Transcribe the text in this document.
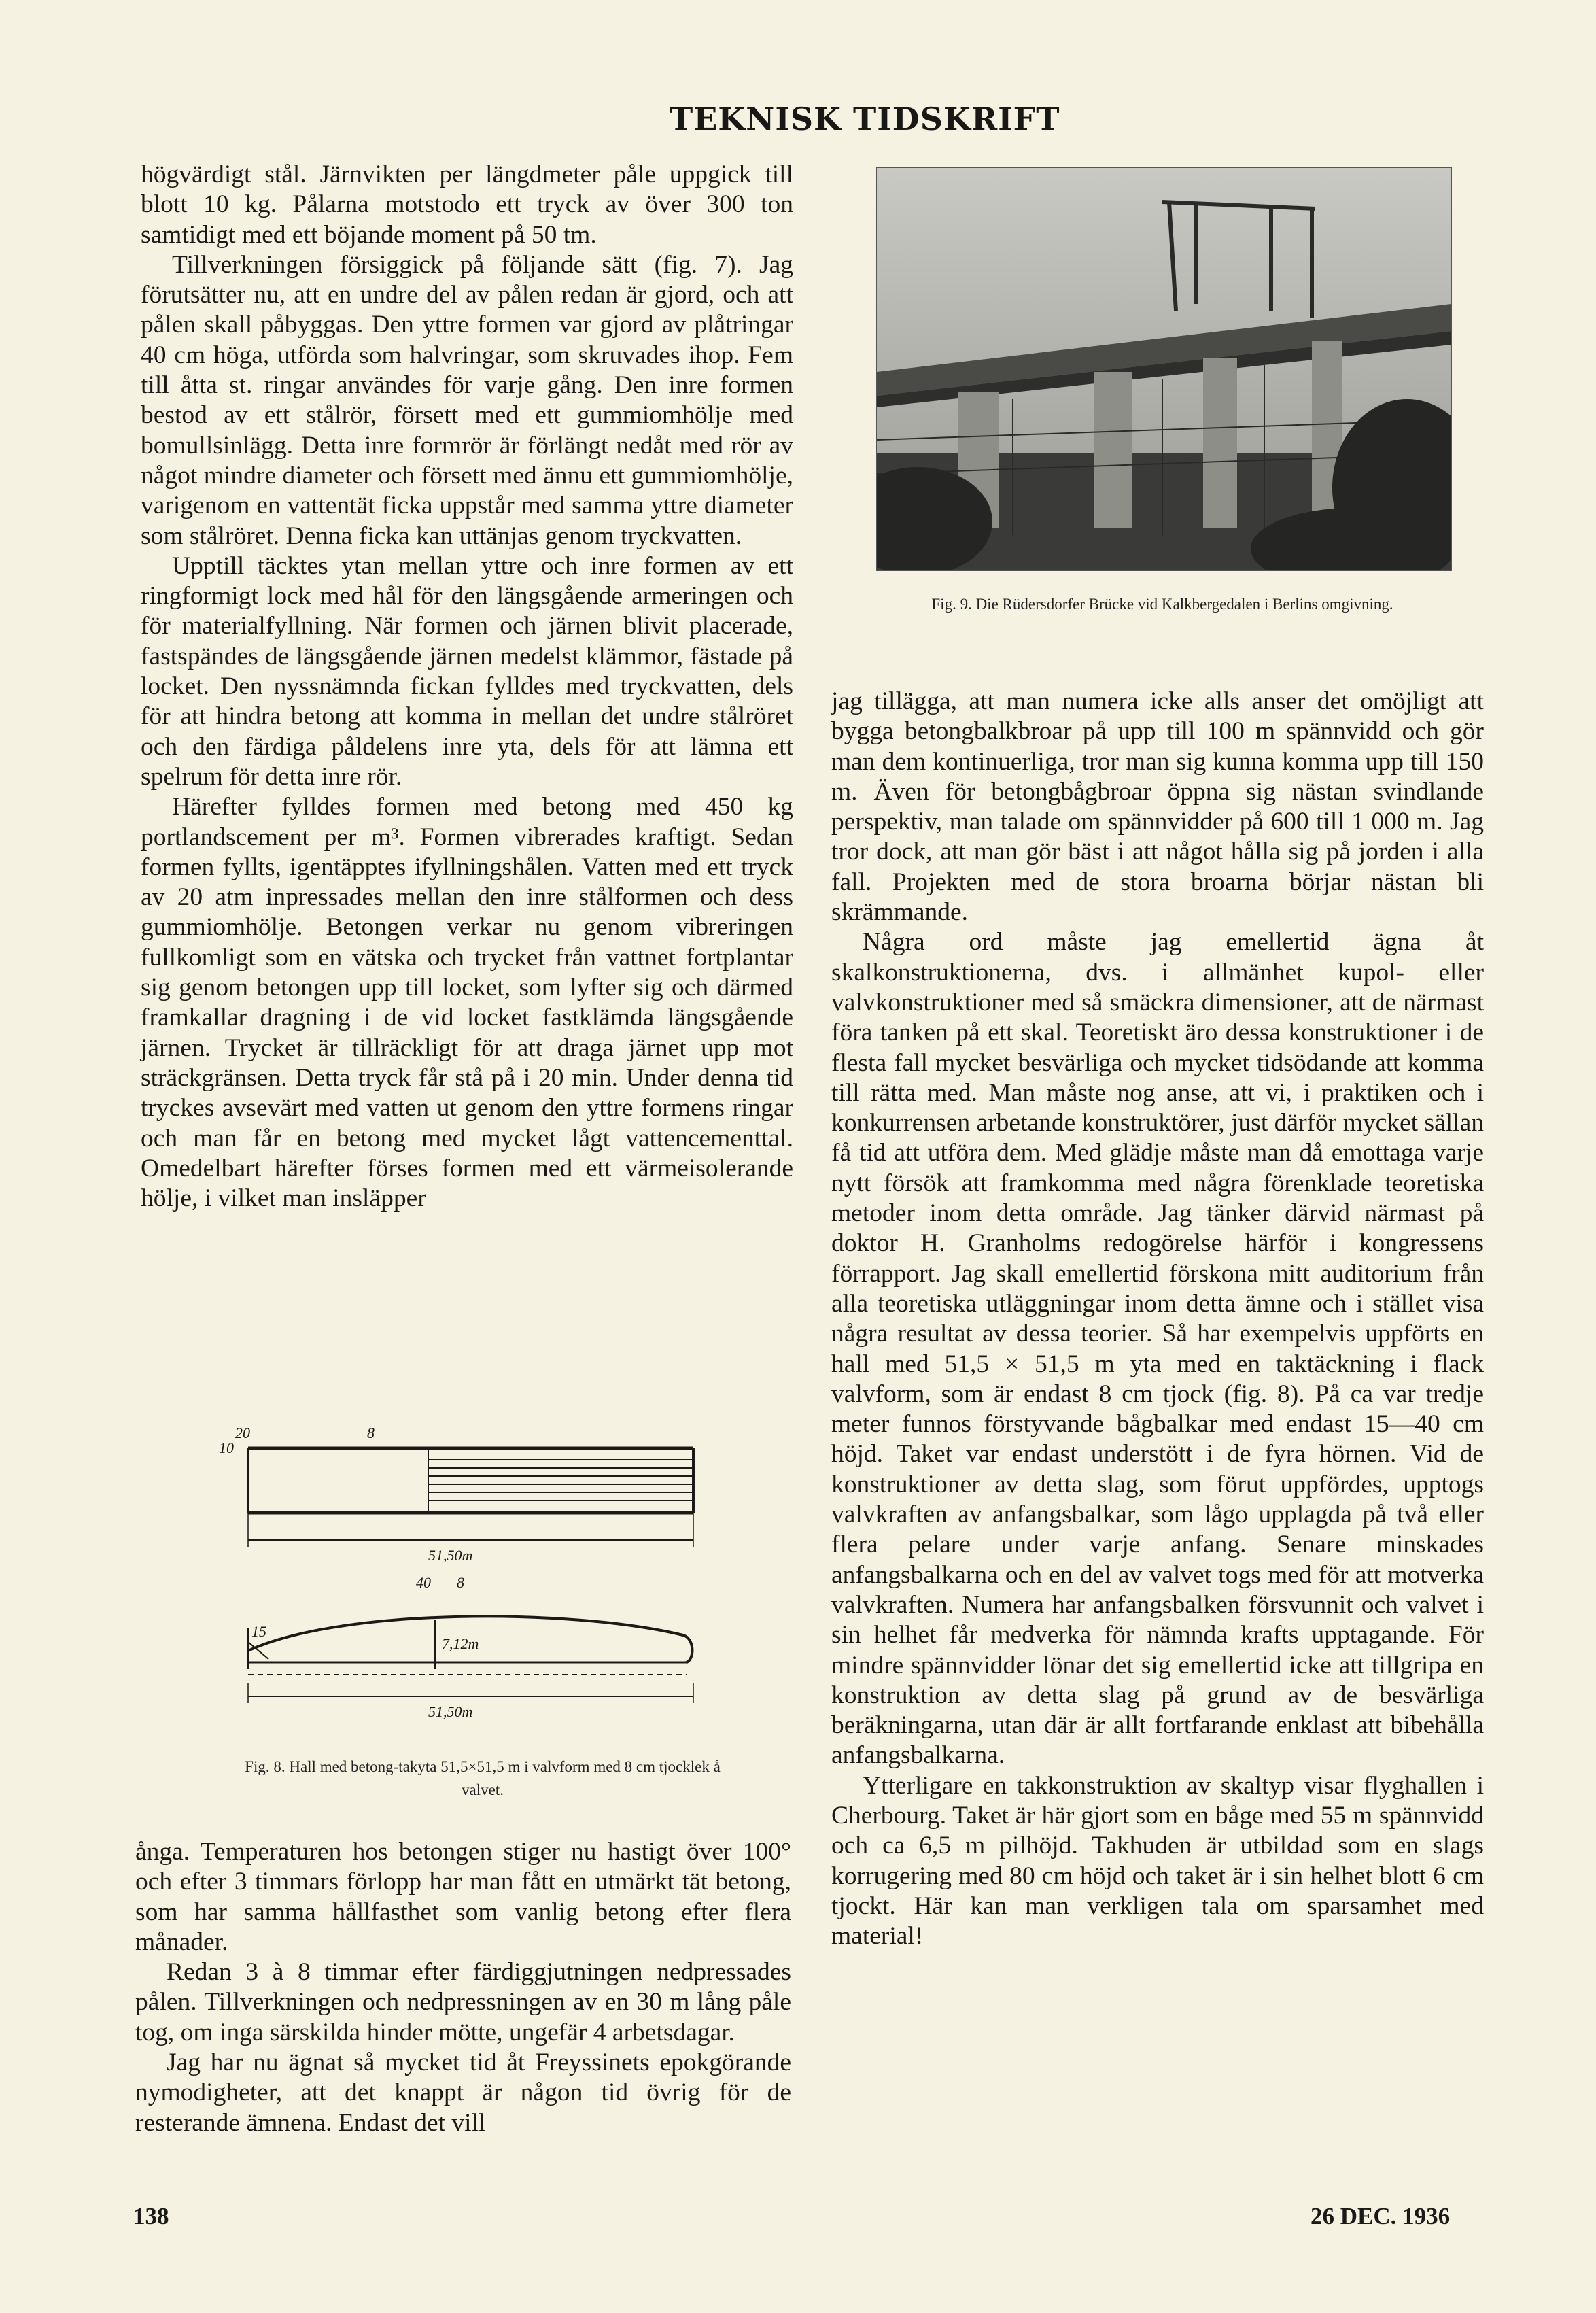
TEKNISK TIDSKRIFT

högvärdigt stål. Järnvikten per längdmeter påle uppgick till blott 10 kg. Pålarna motstodo ett tryck av över 300 ton samtidigt med ett böjande moment på 50 tm.

Tillverkningen försiggick på följande sätt (fig. 7). Jag förutsätter nu, att en undre del av pålen redan är gjord, och att pålen skall påbyggas. Den yttre formen var gjord av plåtringar 40 cm höga, utförda som halvringar, som skruvades ihop. Fem till åtta st. ringar användes för varje gång. Den inre formen bestod av ett stålrör, försett med ett gummiomhölje med bomullsinlägg. Detta inre formrör är förlängt nedåt med rör av något mindre diameter och försett med ännu ett gummiomhölje, varigenom en vattentät ficka uppstår med samma yttre diameter som stålröret. Denna ficka kan uttänjas genom tryckvatten.

Upptill täcktes ytan mellan yttre och inre formen av ett ringformigt lock med hål för den längsgående armeringen och för materialfyllning. När formen och järnen blivit placerade, fastspändes de längsgående järnen medelst klämmor, fästade på locket. Den nyssnämnda fickan fylldes med tryckvatten, dels för att hindra betong att komma in mellan det undre stålröret och den färdiga påldelens inre yta, dels för att lämna ett spelrum för detta inre rör.

Härefter fylldes formen med betong med 450 kg portlandscement per m³. Formen vibrerades kraftigt. Sedan formen fyllts, igentäpptes ifyllningshålen. Vatten med ett tryck av 20 atm inpressades mellan den inre stålformen och dess gummiomhölje. Betongen verkar nu genom vibreringen fullkomligt som en vätska och trycket från vattnet fortplantar sig genom betongen upp till locket, som lyfter sig och därmed framkallar dragning i de vid locket fastklämda längsgående järnen. Trycket är tillräckligt för att draga järnet upp mot sträckgränsen. Detta tryck får stå på i 20 min. Under denna tid tryckes avsevärt med vatten ut genom den yttre formens ringar och man får en betong med mycket lågt vattencementtal. Omedelbart härefter förses formen med ett värmeisolerande hölje, i vilket man insläpper

20	8
10
51,50m
40 8
7,12m
15
51,50m
Fig. 8. Hall med betong-takyta 51,5×51,5 m i valvform med 8 cm tjocklek å valvet.

ånga. Temperaturen hos betongen stiger nu hastigt över 100° och efter 3 timmars förlopp har man fått en utmärkt tät betong, som har samma hållfasthet som vanlig betong efter flera månader.

Redan 3 à 8 timmar efter färdiggjutningen nedpressades pålen. Tillverkningen och nedpressningen av en 30 m lång påle tog, om inga särskilda hinder mötte, ungefär 4 arbetsdagar.

Jag har nu ägnat så mycket tid åt Freyssinets epokgörande nymodigheter, att det knappt är någon tid övrig för de resterande ämnena. Endast det vill

Fig. 9. Die Rüdersdorfer Brücke vid Kalkbergedalen i Berlins omgivning.

jag tillägga, att man numera icke alls anser det omöjligt att bygga betongbalkbroar på upp till 100 m spännvidd och gör man dem kontinuerliga, tror man sig kunna komma upp till 150 m. Även för betongbågbroar öppna sig nästan svindlande perspektiv, man talade om spännvidder på 600 till 1 000 m. Jag tror dock, att man gör bäst i att något hålla sig på jorden i alla fall. Projekten med de stora broarna börjar nästan bli skrämmande.

Några ord måste jag emellertid ägna åt skalkonstruktionerna, dvs. i allmänhet kupol- eller valvkonstruktioner med så smäckra dimensioner, att de närmast föra tanken på ett skal. Teoretiskt äro dessa konstruktioner i de flesta fall mycket besvärliga och mycket tidsödande att komma till rätta med. Man måste nog anse, att vi, i praktiken och i konkurrensen arbetande konstruktörer, just därför mycket sällan få tid att utföra dem. Med glädje måste man då emottaga varje nytt försök att framkomma med några förenklade teoretiska metoder inom detta område. Jag tänker därvid närmast på doktor H. Granholms redogörelse härför i kongressens förrapport. Jag skall emellertid förskona mitt auditorium från alla teoretiska utläggningar inom detta ämne och i stället visa några resultat av dessa teorier. Så har exempelvis uppförts en hall med 51,5 × 51,5 m yta med en taktäckning i flack valvform, som är endast 8 cm tjock (fig. 8). På ca var tredje meter funnos förstyvande bågbalkar med endast 15—40 cm höjd. Taket var endast understött i de fyra hörnen. Vid de konstruktioner av detta slag, som förut uppfördes, upptogs valvkraften av anfangsbalkar, som lågo upplagda på två eller flera pelare under varje anfang. Senare minskades anfangsbalkarna och en del av valvet togs med för att motverka valvkraften. Numera har anfangsbalken försvunnit och valvet i sin helhet får medverka för nämnda krafts upptagande. För mindre spännvidder lönar det sig emellertid icke att tillgripa en konstruktion av detta slag på grund av de besvärliga beräkningarna, utan där är allt fortfarande enklast att bibehålla anfangsbalkarna.

Ytterligare en takkonstruktion av skaltyp visar flyghallen i Cherbourg. Taket är här gjort som en båge med 55 m spännvidd och ca 6,5 m pilhöjd. Takhuden är utbildad som en slags korrugering med 80 cm höjd och taket är i sin helhet blott 6 cm tjockt. Här kan man verkligen tala om sparsamhet med material!

138	26 DEC. 1936
